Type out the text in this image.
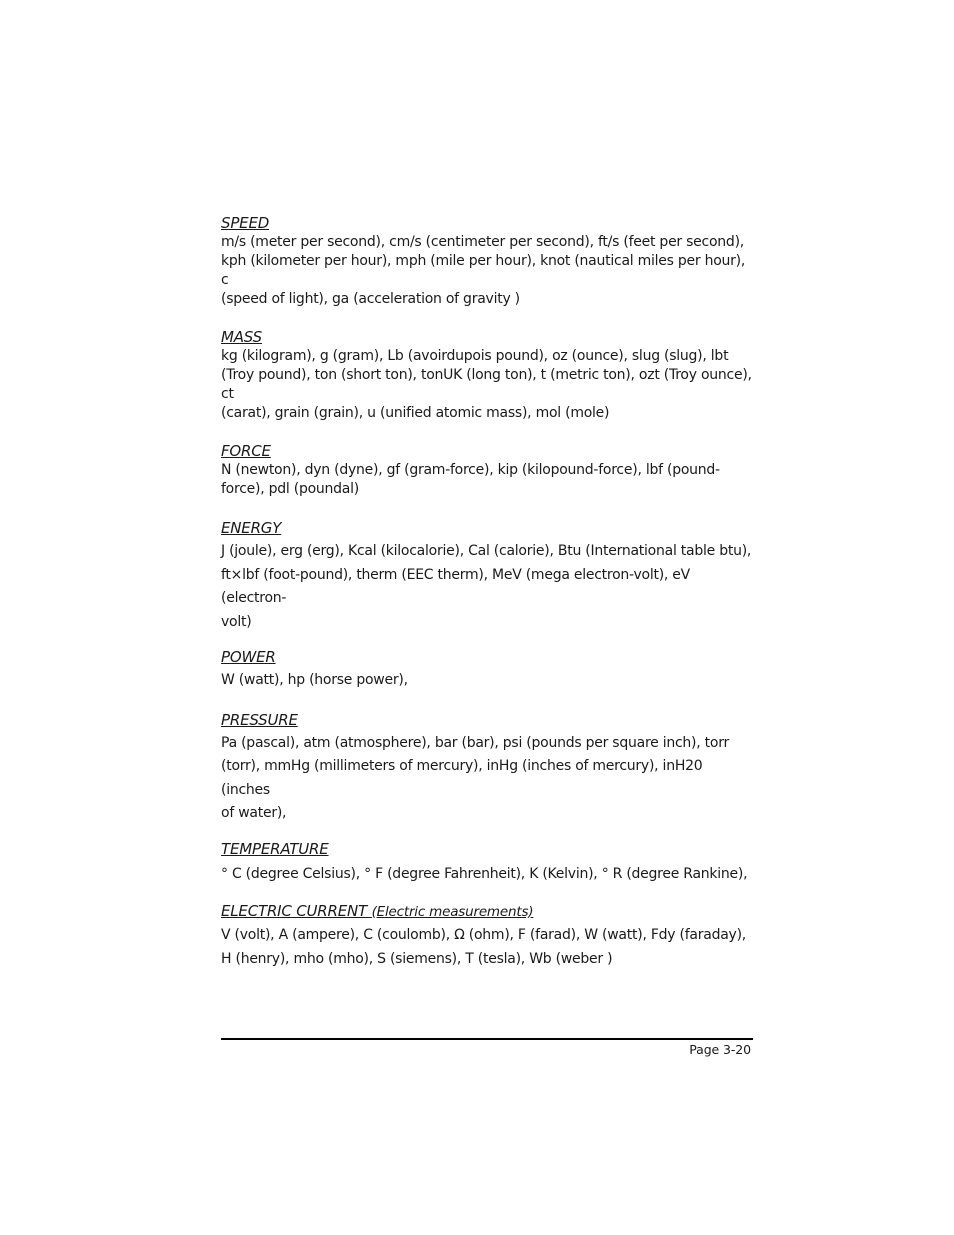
SPEED
m/s (meter per second), cm/s (centimeter per second), ft/s (feet per second),
kph (kilometer per hour), mph (mile per hour), knot (nautical miles per hour), c
(speed of light), ga (acceleration of gravity )
MASS
kg (kilogram), g (gram), Lb (avoirdupois pound), oz (ounce), slug (slug), lbt
(Troy pound), ton (short ton), tonUK (long ton), t (metric ton), ozt (Troy ounce), ct
(carat), grain (grain), u (unified atomic mass), mol (mole)
FORCE
N (newton), dyn (dyne), gf (gram-force), kip (kilopound-force), lbf (pound-
force), pdl (poundal)
ENERGY
J (joule), erg (erg), Kcal (kilocalorie), Cal (calorie), Btu (International table btu),
ft×lbf (foot-pound), therm (EEC therm), MeV (mega electron-volt), eV (electron-
volt)
POWER
W (watt), hp (horse power),
PRESSURE
Pa (pascal), atm (atmosphere), bar (bar), psi (pounds per square inch), torr
(torr), mmHg (millimeters of mercury), inHg (inches of mercury), inH20 (inches
of water),
TEMPERATURE
° C (degree Celsius), ° F (degree Fahrenheit), K (Kelvin), ° R (degree Rankine),
ELECTRIC CURRENT (Electric measurements)
V (volt), A (ampere), C (coulomb), Ω (ohm), F (farad), W (watt), Fdy (faraday),
H (henry), mho (mho), S (siemens), T (tesla), Wb (weber )
Page 3-20
